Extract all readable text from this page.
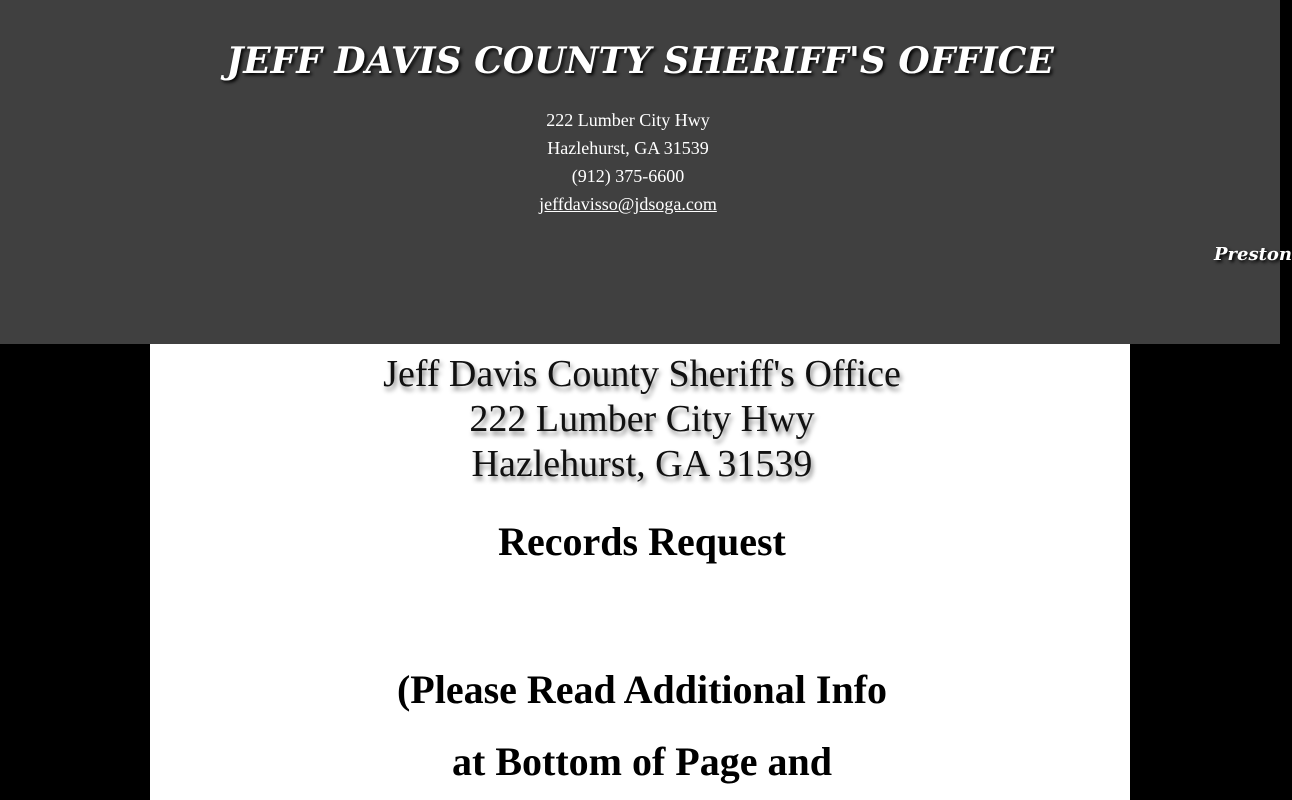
JEFF DAVIS COUNTY SHERIFF'S OFFICE
222 Lumber City Hwy
Hazlehurst, GA 31539
(912) 375-6600
jeffdavisso@jdsoga.com
Preston
Jeff Davis County Sheriff's Office
222 Lumber City Hwy
Hazlehurst, GA 31539
Records Request

(Please Read Additional Info

at Bottom of Page and
